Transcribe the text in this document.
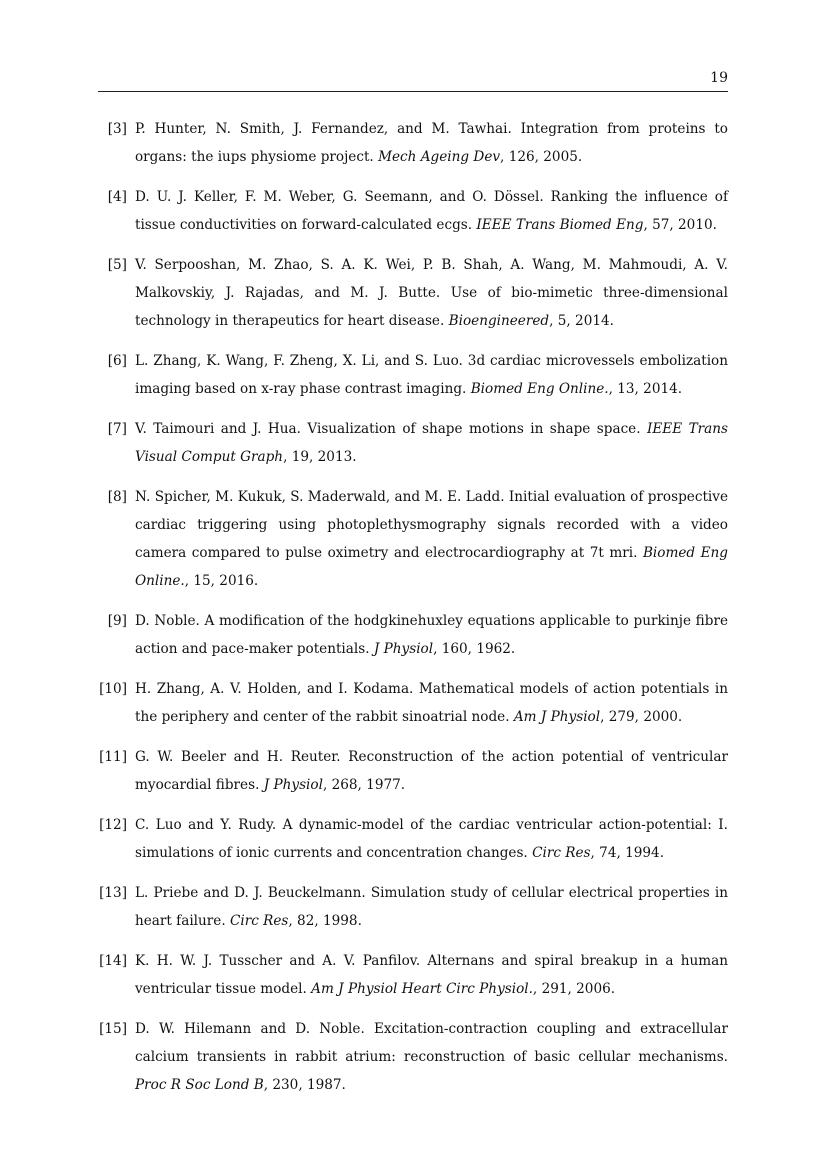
19
[3] P. Hunter, N. Smith, J. Fernandez, and M. Tawhai. Integration from proteins to organs: the iups physiome project. Mech Ageing Dev, 126, 2005.
[4] D. U. J. Keller, F. M. Weber, G. Seemann, and O. Dössel. Ranking the influence of tissue conductivities on forward-calculated ecgs. IEEE Trans Biomed Eng, 57, 2010.
[5] V. Serpooshan, M. Zhao, S. A. K. Wei, P. B. Shah, A. Wang, M. Mahmoudi, A. V. Malkovskiy, J. Rajadas, and M. J. Butte. Use of bio-mimetic three-dimensional technology in therapeutics for heart disease. Bioengineered, 5, 2014.
[6] L. Zhang, K. Wang, F. Zheng, X. Li, and S. Luo. 3d cardiac microvessels embolization imaging based on x-ray phase contrast imaging. Biomed Eng Online., 13, 2014.
[7] V. Taimouri and J. Hua. Visualization of shape motions in shape space. IEEE Trans Visual Comput Graph, 19, 2013.
[8] N. Spicher, M. Kukuk, S. Maderwald, and M. E. Ladd. Initial evaluation of prospective cardiac triggering using photoplethysmography signals recorded with a video camera compared to pulse oximetry and electrocardiography at 7t mri. Biomed Eng Online., 15, 2016.
[9] D. Noble. A modification of the hodgkinehuxley equations applicable to purkinje fibre action and pace-maker potentials. J Physiol, 160, 1962.
[10] H. Zhang, A. V. Holden, and I. Kodama. Mathematical models of action potentials in the periphery and center of the rabbit sinoatrial node. Am J Physiol, 279, 2000.
[11] G. W. Beeler and H. Reuter. Reconstruction of the action potential of ventricular myocardial fibres. J Physiol, 268, 1977.
[12] C. Luo and Y. Rudy. A dynamic-model of the cardiac ventricular action-potential: I. simulations of ionic currents and concentration changes. Circ Res, 74, 1994.
[13] L. Priebe and D. J. Beuckelmann. Simulation study of cellular electrical properties in heart failure. Circ Res, 82, 1998.
[14] K. H. W. J. Tusscher and A. V. Panfilov. Alternans and spiral breakup in a human ventricular tissue model. Am J Physiol Heart Circ Physiol., 291, 2006.
[15] D. W. Hilemann and D. Noble. Excitation-contraction coupling and extracellular calcium transients in rabbit atrium: reconstruction of basic cellular mechanisms. Proc R Soc Lond B, 230, 1987.
